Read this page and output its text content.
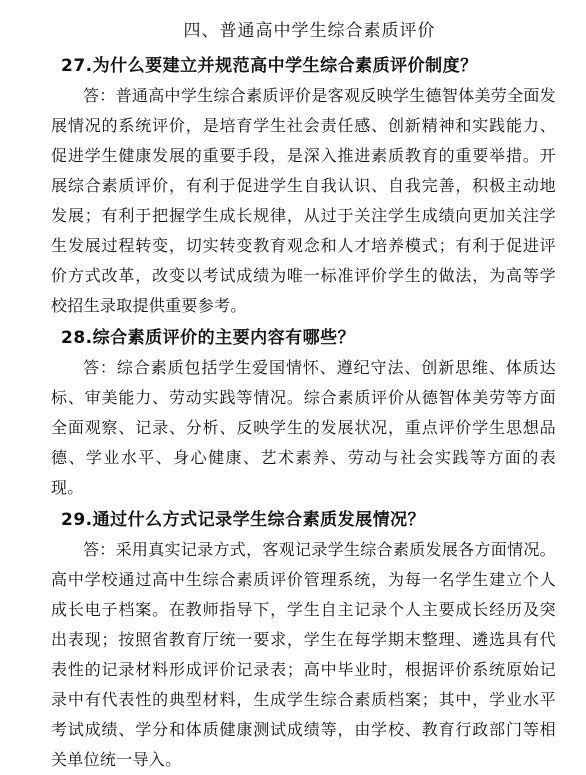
四、普通高中学生综合素质评价

27.为什么要建立并规范高中学生综合素质评价制度？

答：普通高中学生综合素质评价是客观反映学生德智体美劳全面发展情况的系统评价，是培育学生社会责任感、创新精神和实践能力、促进学生健康发展的重要手段，是深入推进素质教育的重要举措。开展综合素质评价，有利于促进学生自我认识、自我完善，积极主动地发展；有利于把握学生成长规律，从过于关注学生成绩向更加关注学生发展过程转变，切实转变教育观念和人才培养模式；有利于促进评价方式改革，改变以考试成绩为唯一标准评价学生的做法，为高等学校招生录取提供重要参考。

28.综合素质评价的主要内容有哪些？

答：综合素质包括学生爱国情怀、遵纪守法、创新思维、体质达标、审美能力、劳动实践等情况。综合素质评价从德智体美劳等方面全面观察、记录、分析、反映学生的发展状况，重点评价学生思想品德、学业水平、身心健康、艺术素养、劳动与社会实践等方面的表现。

29.通过什么方式记录学生综合素质发展情况？

答：采用真实记录方式，客观记录学生综合素质发展各方面情况。高中学校通过高中生综合素质评价管理系统，为每一名学生建立个人成长电子档案。在教师指导下，学生自主记录个人主要成长经历及突出表现；按照省教育厅统一要求，学生在每学期末整理、遴选具有代表性的记录材料形成评价记录表；高中毕业时，根据评价系统原始记录中有代表性的典型材料，生成学生综合素质档案；其中，学业水平考试成绩、学分和体质健康测试成绩等，由学校、教育行政部门等相关单位统一导入。
